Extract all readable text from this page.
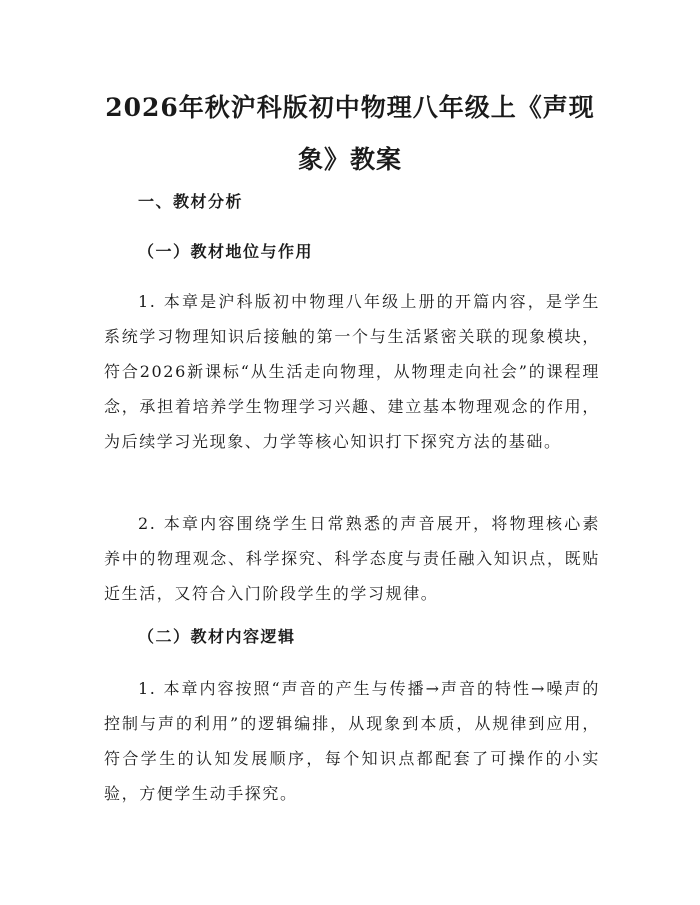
2026年秋沪科版初中物理八年级上《声现象》教案
一、教材分析
（一）教材地位与作用

1. 本章是沪科版初中物理八年级上册的开篇内容，是学生系统学习物理知识后接触的第一个与生活紧密关联的现象模块，符合2026新课标“从生活走向物理，从物理走向社会”的课程理念，承担着培养学生物理学习兴趣、建立基本物理观念的作用，为后续学习光现象、力学等核心知识打下探究方法的基础。

2. 本章内容围绕学生日常熟悉的声音展开，将物理核心素养中的物理观念、科学探究、科学态度与责任融入知识点，既贴近生活，又符合入门阶段学生的学习规律。

（二）教材内容逻辑

1. 本章内容按照“声音的产生与传播→声音的特性→噪声的控制与声的利用”的逻辑编排，从现象到本质，从规律到应用，符合学生的认知发展顺序，每个知识点都配套了可操作的小实验，方便学生动手探究。
